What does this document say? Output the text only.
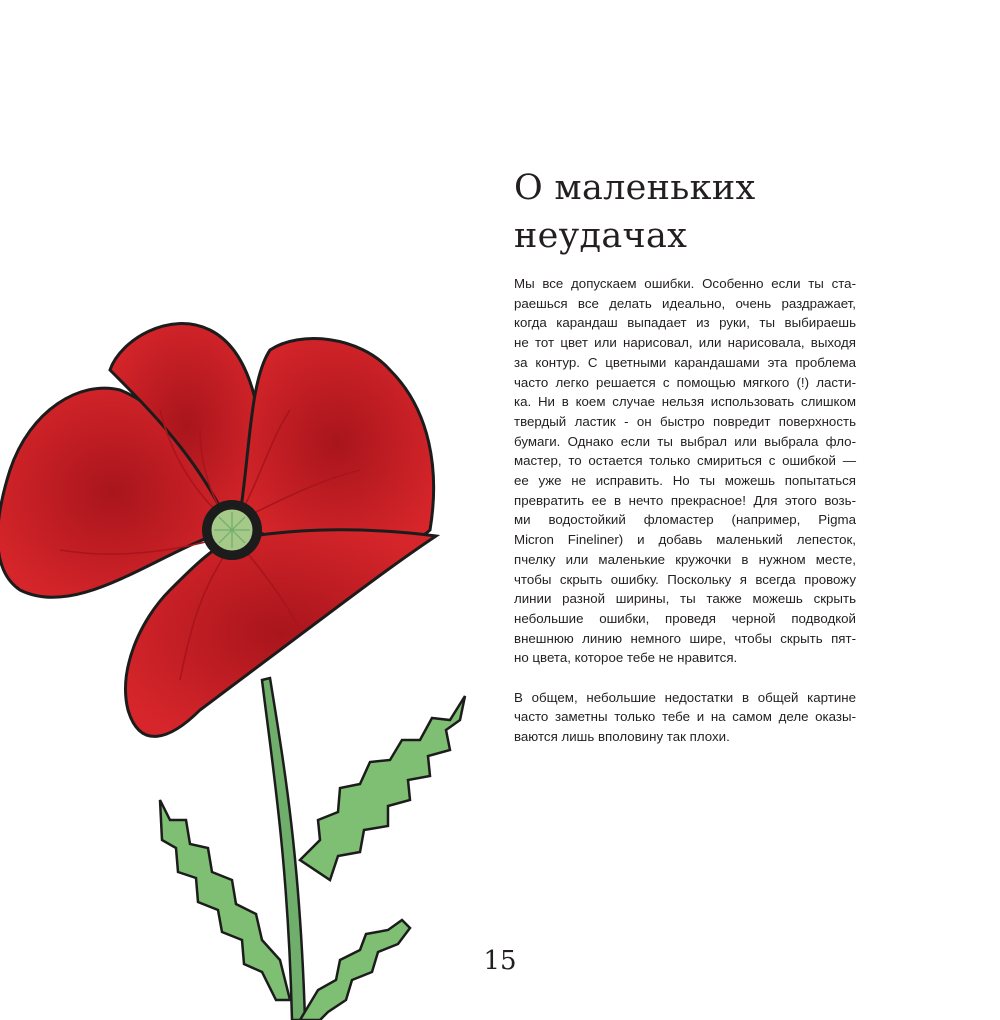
О маленьких
неудачах

Мы все допускаем ошибки. Особенно если ты ста-
раешься все делать идеально, очень раздражает,
когда карандаш выпадает из руки, ты выбираешь
не тот цвет или нарисовал, или нарисовала, выходя
за контур. С цветными карандашами эта проблема
часто легко решается с помощью мягкого (!) ласти-
ка. Ни в коем случае нельзя использовать слишком
твердый ластик - он быстро повредит поверхность
бумаги. Однако если ты выбрал или выбрала фло-
мастер, то остается только смириться с ошибкой —
ее уже не исправить. Но ты можешь попытаться
превратить ее в нечто прекрасное! Для этого возь-
ми водостойкий фломастер (например, Pigma
Micron Fineliner) и добавь маленький лепесток,
пчелку или маленькие кружочки в нужном месте,
чтобы скрыть ошибку. Поскольку я всегда провожу
линии разной ширины, ты также можешь скрыть
небольшие ошибки, проведя черной подводкой
внешнюю линию немного шире, чтобы скрыть пят-
но цвета, которое тебе не нравится.

В общем, небольшие недостатки в общей картине
часто заметны только тебе и на самом деле оказы-
ваются лишь вполовину так плохи.

15
